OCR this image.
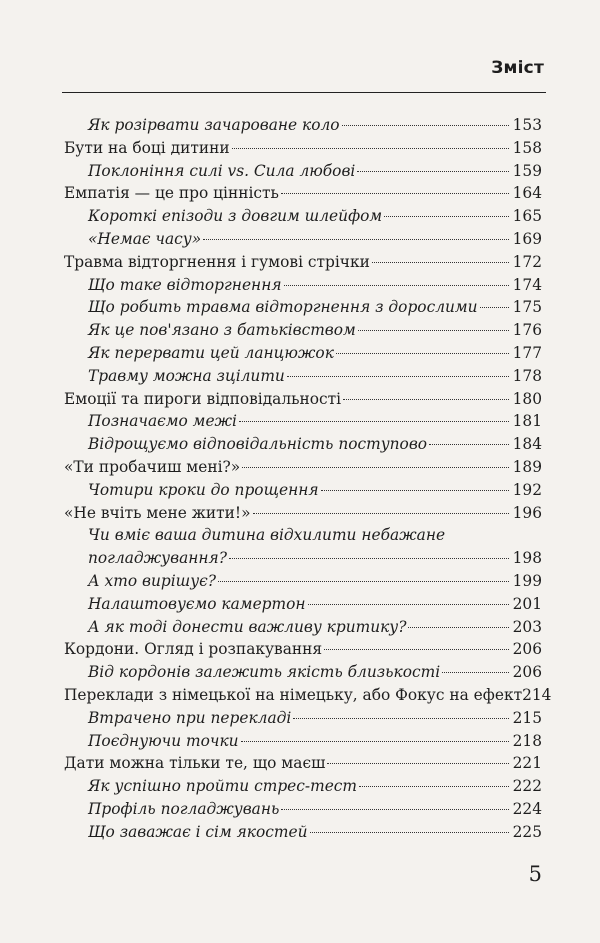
Зміст
Як розірвати зачароване коло	153
Бути на боці дитини	158
Поклоніння силі vs. Сила любові	159
Емпатія — це про цінність	164
Короткі епізоди з довгим шлейфом	165
«Немає часу»	169
Травма відторгнення і гумові стрічки	172
Що таке відторгнення	174
Що робить травма відторгнення з дорослими 175
Як це пов'язано з батьківством	176
Як перервати цей ланцюжок	177
Травму можна зцілити	178
Емоції та пироги відповідальності	180
Позначаємо межі	181
Відрощуємо відповідальність поступово	184
«Ти пробачиш мені?»	189
Чотири кроки до прощення	192
«Не вчіть мене жити!»	196
Чи вміє ваша дитина відхилити небажане
погладжування?	198
А хто вирішує?	199
Налаштовуємо камертон	201
А як тоді донести важливу критику?	203
Кордони. Огляд і розпакування	206
Від кордонів залежить якість близькості	206
Переклади з німецької на німецьку, або Фокус на ефект 214
Втрачено при перекладі	215
Поєднуючи точки	218
Дати можна тільки те, що маєш	221
Як успішно пройти стрес-тест	222
Профіль погладжувань	224
Що заважає і сім якостей	225
5
